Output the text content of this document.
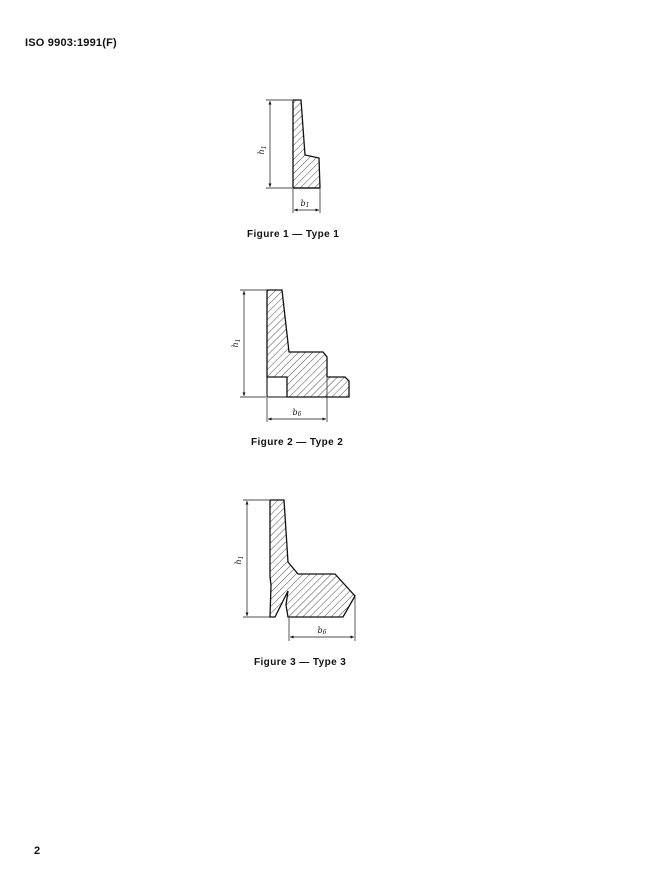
ISO 9903:1991(F)
$h_1$
b1
$h_1$
b6
$h_1$
b6
Figure 1 — Type 1
Figure 2 — Type 2
Figure 3 — Type 3
2
